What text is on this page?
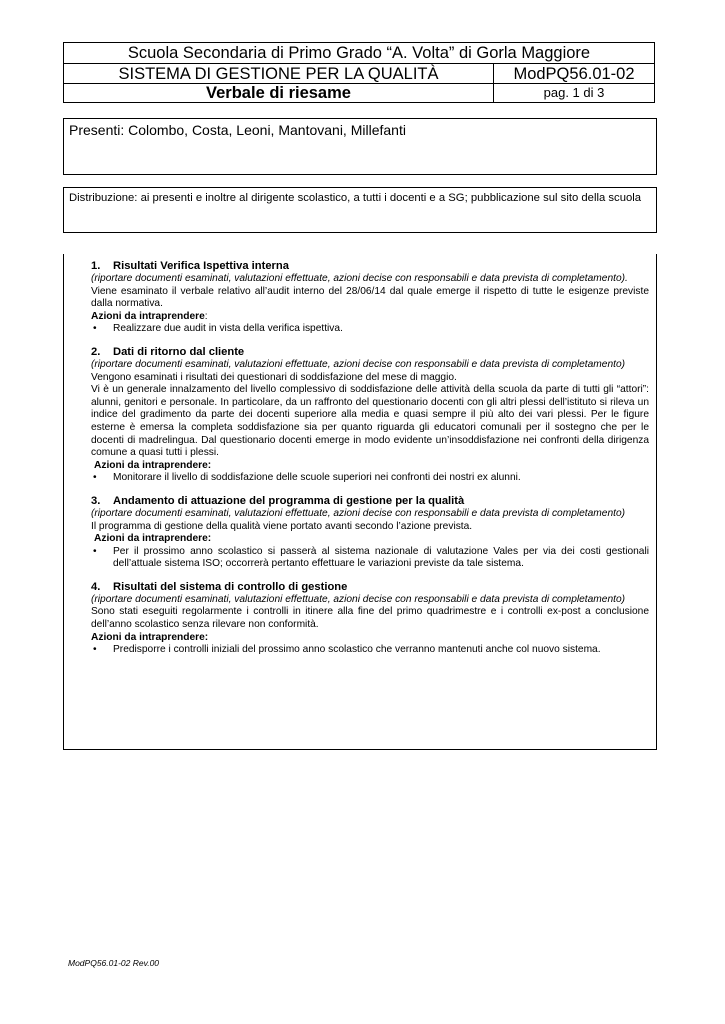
Scuola Secondaria di Primo Grado “A. Volta” di Gorla Maggiore
SISTEMA DI GESTIONE PER LA QUALITÀ	ModPQ56.01-02
Verbale di riesame	pag. 1 di 3
Presenti: Colombo, Costa, Leoni, Mantovani, Millefanti
Distribuzione: ai presenti e inoltre al dirigente scolastico, a tutti i docenti e a SG; pubblicazione sul sito della scuola
1.	Risultati Verifica Ispettiva interna
(riportare documenti esaminati, valutazioni effettuate, azioni decise con responsabili e data prevista di completamento).
Viene esaminato il verbale relativo all’audit interno del 28/06/14 dal quale emerge il rispetto di tutte le esigenze previste dalla normativa.
Azioni da intraprendere:
•	Realizzare due audit in vista della verifica ispettiva.
2.	Dati di ritorno dal cliente
(riportare documenti esaminati, valutazioni effettuate, azioni decise con responsabili e data prevista di completamento)
Vengono esaminati i risultati dei questionari di soddisfazione del mese di maggio.
Vi è un generale innalzamento del livello complessivo di soddisfazione delle attività della scuola da parte di tutti gli “attori”: alunni, genitori e personale. In particolare, da un raffronto del questionario docenti con gli altri plessi dell’istituto si rileva un indice del gradimento da parte dei docenti superiore alla media e quasi sempre il più alto dei vari plessi. Per le figure esterne è emersa la completa soddisfazione sia per quanto riguarda gli educatori comunali per il sostegno che per le docenti di madrelingua. Dal questionario docenti emerge in modo evidente un’insoddisfazione nei confronti della dirigenza comune a quasi tutti i plessi.
Azioni da intraprendere:
•	Monitorare il livello di soddisfazione delle scuole superiori nei confronti dei nostri ex alunni.
3.	Andamento di attuazione del programma di gestione per la qualità
(riportare documenti esaminati, valutazioni effettuate, azioni decise con responsabili e data prevista di completamento)
Il programma di gestione della qualità viene portato avanti secondo l’azione prevista.
Azioni da intraprendere:
•	Per il prossimo anno scolastico si passerà al sistema nazionale di valutazione Vales per via dei costi gestionali dell’attuale sistema ISO; occorrerà pertanto effettuare le variazioni previste da tale sistema.
4.	Risultati del sistema di controllo di gestione
(riportare documenti esaminati, valutazioni effettuate, azioni decise con responsabili e data prevista di completamento)
Sono stati eseguiti regolarmente i controlli in itinere alla fine del primo quadrimestre e i controlli ex-post a conclusione dell’anno scolastico senza rilevare non conformità.
Azioni da intraprendere:
•	Predisporre i controlli iniziali del prossimo anno scolastico che verranno mantenuti anche col nuovo sistema.
ModPQ56.01-02 Rev.00
